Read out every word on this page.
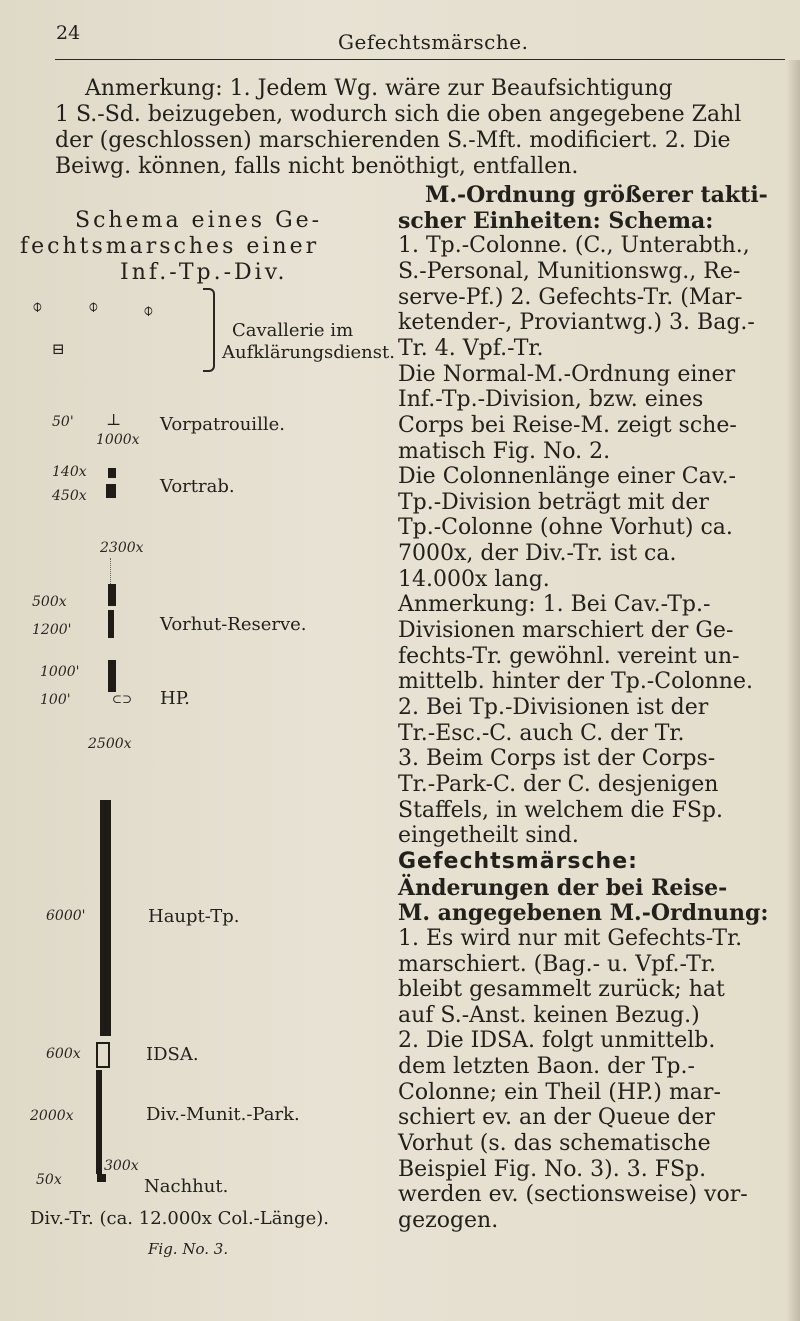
24	Gefechtsmärsche.
Anmerkung: 1. Jedem Wg. wäre zur Beaufsichtigung
1 S.-Sd. beizugeben, wodurch sich die oben angegebene Zahl
der (geschlossen) marschierenden S.-Mft. modificiert. 2. Die
Beiwg. können, falls nicht benöthigt, entfallen.
Schema eines Ge-
fechtsmarsches einer
Inf.-Tp.-Div.
⌽	⌽ ⌽
⊟
Cavallerie im
Aufklärungsdienst.
50' ⊥ Vorpatrouille.
1000x
140x
450x	Vortrab.
2300x
500x
1200'	Vorhut-Reserve.
1000'
100'	⊂⊃ HP.
2500x
6000'	Haupt-Tp.
600x	IDSA.
2000x	Div.-Munit.-Park.
50x
300x
Nachhut.
Div.-Tr. (ca. 12.000x Col.-Länge).
Fig. No. 3.
M.-Ordnung größerer takti-
scher Einheiten: Schema:
1. Tp.-Colonne. (C., Unterabth.,
S.-Personal, Munitionswg., Re-
serve-Pf.) 2. Gefechts-Tr. (Mar-
ketender-, Proviantwg.) 3. Bag.-
Tr. 4. Vpf.-Tr.
Die Normal-M.-Ordnung einer
Inf.-Tp.-Division, bzw. eines
Corps bei Reise-M. zeigt sche-
matisch Fig. No. 2.
Die Colonnenlänge einer Cav.-
Tp.-Division beträgt mit der
Tp.-Colonne (ohne Vorhut) ca.
7000x, der Div.-Tr. ist ca.
14.000x lang.
Anmerkung: 1. Bei Cav.-Tp.-
Divisionen marschiert der Ge-
fechts-Tr. gewöhnl. vereint un-
mittelb. hinter der Tp.-Colonne.
2. Bei Tp.-Divisionen ist der
Tr.-Esc.-C. auch C. der Tr.
3. Beim Corps ist der Corps-
Tr.-Park-C. der C. desjenigen
Staffels, in welchem die FSp.
eingetheilt sind.
Gefechtsmärsche:
Änderungen der bei Reise-
M. angegebenen M.-Ordnung:
1. Es wird nur mit Gefechts-Tr.
marschiert. (Bag.- u. Vpf.-Tr.
bleibt gesammelt zurück; hat
auf S.-Anst. keinen Bezug.)
2. Die IDSA. folgt unmittelb.
dem letzten Baon. der Tp.-
Colonne; ein Theil (HP.) mar-
schiert ev. an der Queue der
Vorhut (s. das schematische
Beispiel Fig. No. 3). 3. FSp.
werden ev. (sectionsweise) vor-
gezogen.
